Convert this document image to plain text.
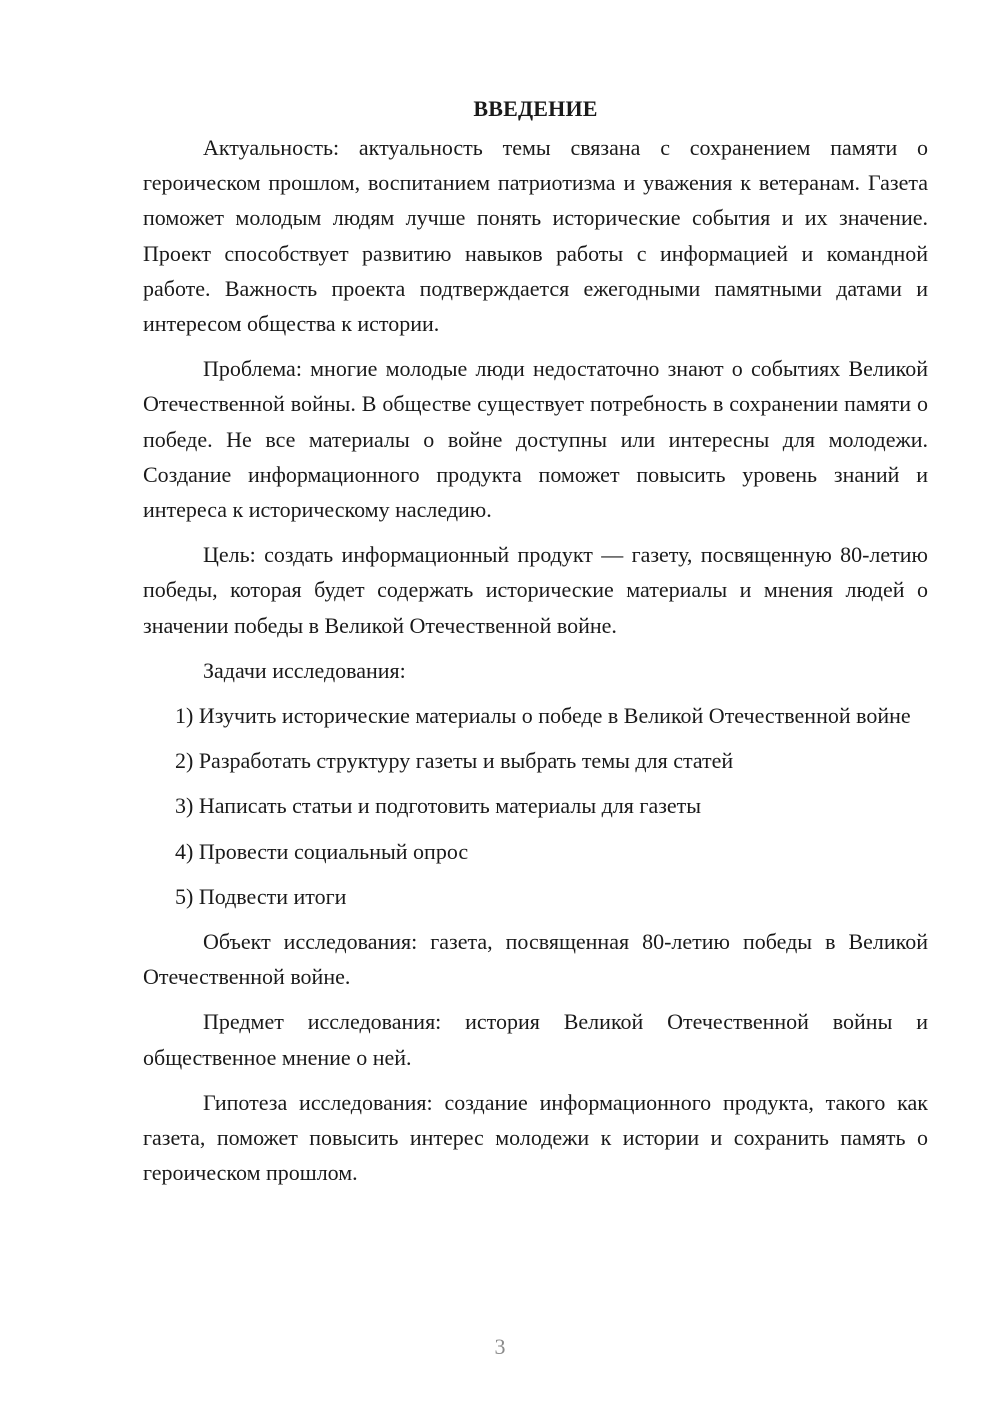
ВВЕДЕНИЕ

Актуальность: актуальность темы связана с сохранением памяти о героическом прошлом, воспитанием патриотизма и уважения к ветеранам. Газета поможет молодым людям лучше понять исторические события и их значение. Проект способствует развитию навыков работы с информацией и командной работе. Важность проекта подтверждается ежегодными памятными датами и интересом общества к истории.

Проблема: многие молодые люди недостаточно знают о событиях Великой Отечественной войны. В обществе существует потребность в сохранении памяти о победе. Не все материалы о войне доступны или интересны для молодежи. Создание информационного продукта поможет повысить уровень знаний и интереса к историческому наследию.

Цель: создать информационный продукт — газету, посвященную 80-летию победы, которая будет содержать исторические материалы и мнения людей о значении победы в Великой Отечественной войне.

Задачи исследования:

1) Изучить исторические материалы о победе в Великой Отечественной войне

2) Разработать структуру газеты и выбрать темы для статей

3) Написать статьи и подготовить материалы для газеты

4) Провести социальный опрос

5) Подвести итоги

Объект исследования: газета, посвященная 80-летию победы в Великой Отечественной войне.

Предмет исследования: история Великой Отечественной войны и общественное мнение о ней.

Гипотеза исследования: создание информационного продукта, такого как газета, поможет повысить интерес молодежи к истории и сохранить память о героическом прошлом.

3
